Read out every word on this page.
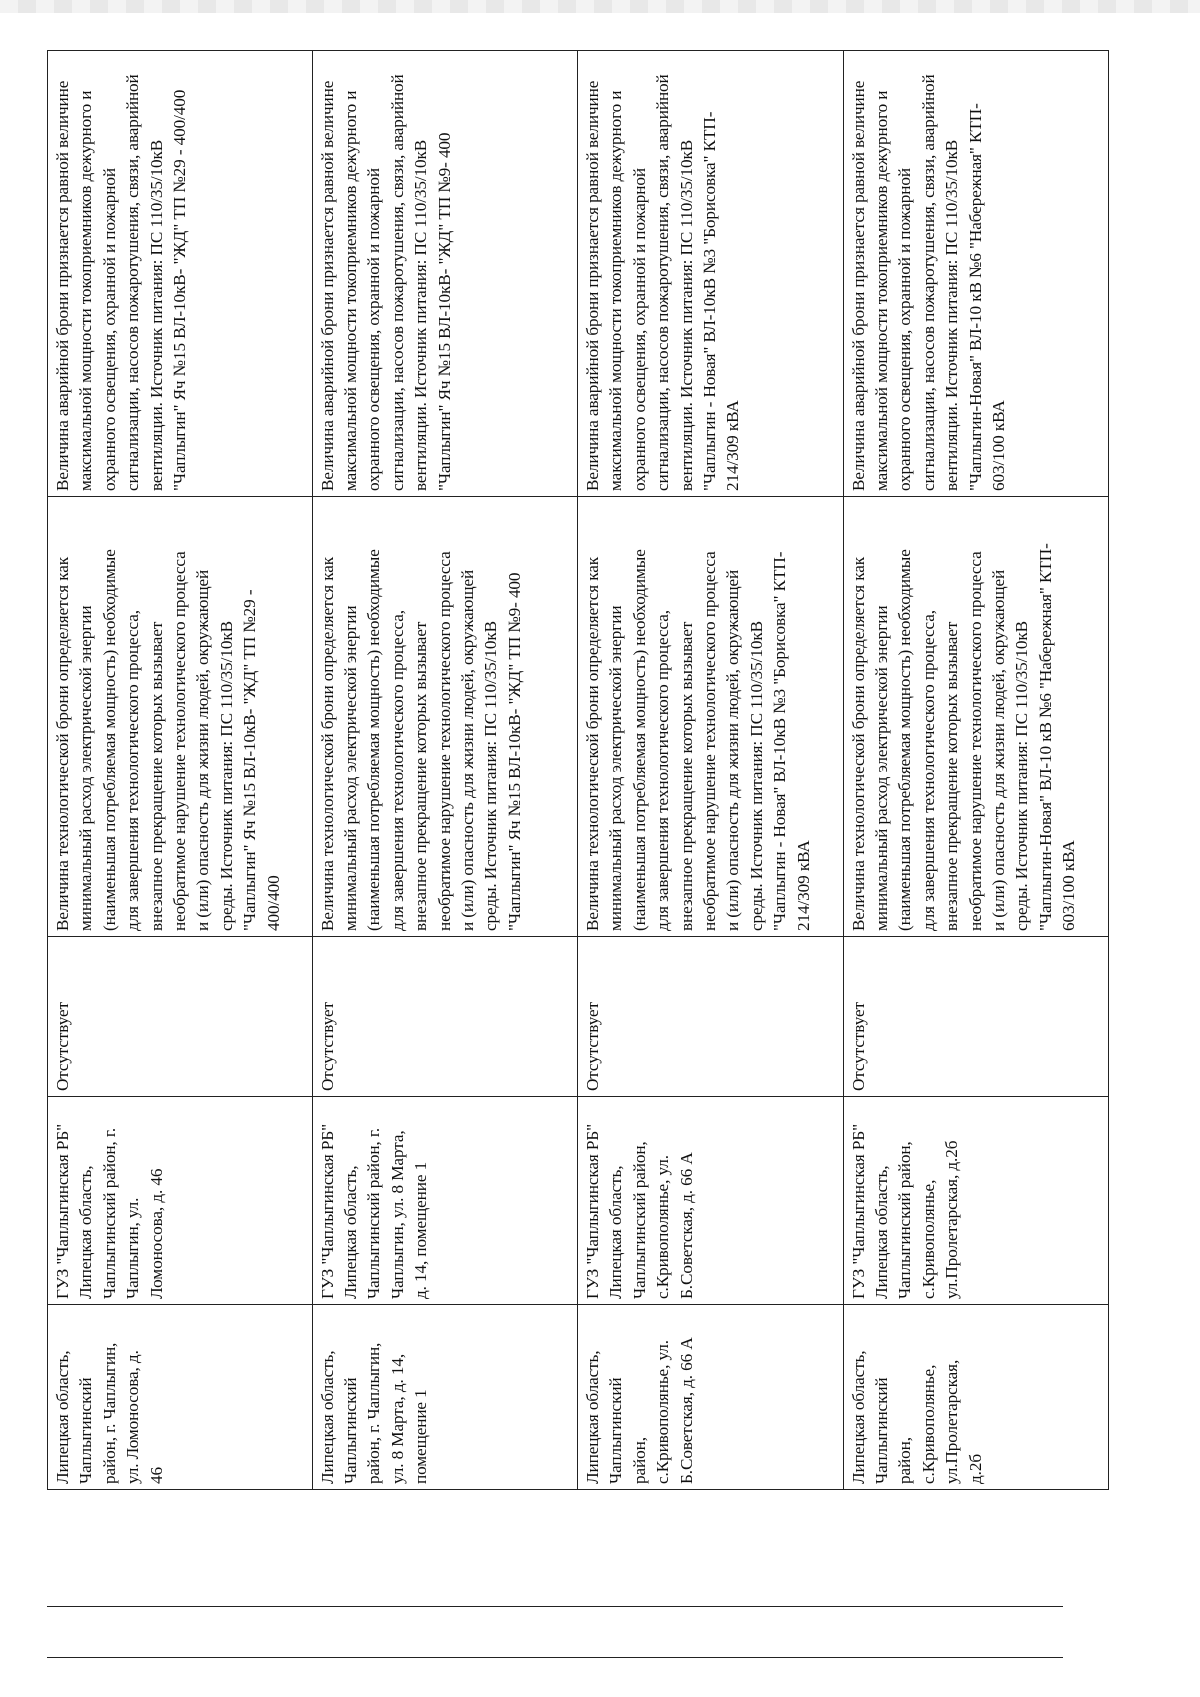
Липецкая область,
Чаплыгинский
район, г. Чаплыгин,
ул. Ломоносова, д.
46
ГУЗ "Чаплыгинская РБ"
Липецкая область,
Чаплыгинский район, г.
Чаплыгин, ул.
Ломоносова, д. 46
Отсутствует
Величина технологической брони определяется как
минимальный расход электрической энергии
(наименьшая потребляемая мощность) необходимые
для завершения технологического процесса,
внезапное прекращение которых вызывает
необратимое нарушение технологического процесса
и (или) опасность для жизни людей, окружающей
среды. Источник питания: ПС 110/35/10кВ
"Чаплыгин" Яч №15 ВЛ-10кВ- "ЖД" ТП №29 -
400/400
Величина аварийной брони признается равной величине
максимальной мощности токоприемников дежурного и
охранного освещения, охранной и пожарной
сигнализации, насосов пожаротушения, связи, аварийной
вентиляции. Источник питания: ПС 110/35/10кВ
"Чаплыгин" Яч №15 ВЛ-10кВ- "ЖД" ТП №29 - 400/400
Липецкая область,
Чаплыгинский
район, г. Чаплыгин,
ул. 8 Марта, д. 14,
помещение 1
ГУЗ "Чаплыгинская РБ"
Липецкая область,
Чаплыгинский район, г.
Чаплыгин, ул. 8 Марта,
д. 14, помещение 1
Отсутствует
Величина технологической брони определяется как
минимальный расход электрической энергии
(наименьшая потребляемая мощность) необходимые
для завершения технологического процесса,
внезапное прекращение которых вызывает
необратимое нарушение технологического процесса
и (или) опасность для жизни людей, окружающей
среды. Источник питания: ПС 110/35/10кВ
"Чаплыгин" Яч №15 ВЛ-10кВ- "ЖД" ТП №9- 400
Величина аварийной брони признается равной величине
максимальной мощности токоприемников дежурного и
охранного освещения, охранной и пожарной
сигнализации, насосов пожаротушения, связи, аварийной
вентиляции. Источник питания: ПС 110/35/10кВ
"Чаплыгин" Яч №15 ВЛ-10кВ- "ЖД" ТП №9- 400
Липецкая область,
Чаплыгинский
район,
с.Кривополянье, ул.
Б.Советская, д. 66 А
ГУЗ "Чаплыгинская РБ"
Липецкая область,
Чаплыгинский район,
с.Кривополянье, ул.
Б.Советская, д. 66 А
Отсутствует
Величина технологической брони определяется как
минимальный расход электрической энергии
(наименьшая потребляемая мощность) необходимые
для завершения технологического процесса,
внезапное прекращение которых вызывает
необратимое нарушение технологического процесса
и (или) опасность для жизни людей, окружающей
среды. Источник питания: ПС 110/35/10кВ
"Чаплыгин - Новая" ВЛ-10кВ №3 "Борисовка" КТП-
214/309 кВА
Величина аварийной брони признается равной величине
максимальной мощности токоприемников дежурного и
охранного освещения, охранной и пожарной
сигнализации, насосов пожаротушения, связи, аварийной
вентиляции. Источник питания: ПС 110/35/10кВ
"Чаплыгин - Новая" ВЛ-10кВ №3 "Борисовка" КТП-
214/309 кВА
Липецкая область,
Чаплыгинский
район,
с.Кривополянье,
ул.Пролетарская,
д.2б
ГУЗ "Чаплыгинская РБ"
Липецкая область,
Чаплыгинский район,
с.Кривополянье,
ул.Пролетарская, д.2б
Отсутствует
Величина технологической брони определяется как
минимальный расход электрической энергии
(наименьшая потребляемая мощность) необходимые
для завершения технологического процесса,
внезапное прекращение которых вызывает
необратимое нарушение технологического процесса
и (или) опасность для жизни людей, окружающей
среды. Источник питания: ПС 110/35/10кВ
"Чаплыгин-Новая" ВЛ-10 кВ №6 "Набережная" КТП-
603/100 кВА
Величина аварийной брони признается равной величине
максимальной мощности токоприемников дежурного и
охранного освещения, охранной и пожарной
сигнализации, насосов пожаротушения, связи, аварийной
вентиляции. Источник питания: ПС 110/35/10кВ
"Чаплыгин-Новая" ВЛ-10 кВ №6 "Набережная" КТП-
603/100 кВА
